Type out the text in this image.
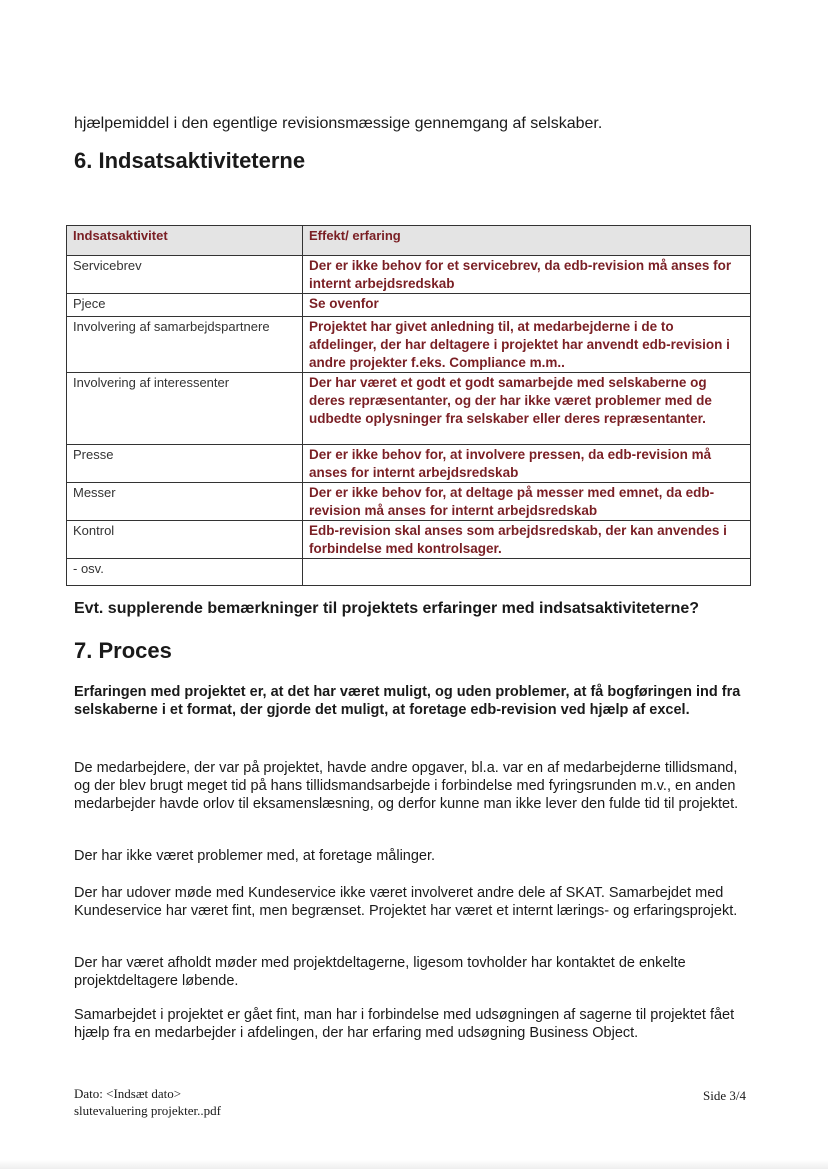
hjælpemiddel i den egentlige revisionsmæssige gennemgang af selskaber.
6. Indsatsaktiviteterne
Indsatsaktivitet	Effekt/ erfaring
Servicebrev	Der er ikke behov for et servicebrev, da edb-revision må anses for internt arbejdsredskab
Pjece	Se ovenfor
Involvering af samarbejdspartnere	Projektet har givet anledning til, at medarbejderne i de to afdelinger, der har deltagere i projektet har anvendt edb-revision i andre projekter f.eks. Compliance m.m..
Involvering af interessenter	Der har været et godt et godt samarbejde med selskaberne og deres repræsentanter, og der har ikke været problemer med de udbedte oplysninger fra selskaber eller deres repræsentanter.
Presse	Der er ikke behov for, at involvere pressen, da edb-revision må anses for internt arbejdsredskab
Messer	Der er ikke behov for, at deltage på messer med emnet, da edb-revision må anses for internt arbejdsredskab
Kontrol	Edb-revision skal anses som arbejdsredskab, der kan anvendes i forbindelse med kontrolsager.
- osv.	
Evt. supplerende bemærkninger til projektets erfaringer med indsatsaktiviteterne?
7. Proces
Erfaringen med projektet er, at det har været muligt, og uden problemer, at få bogføringen ind fra selskaberne i et format, der gjorde det muligt, at foretage edb-revision ved hjælp af excel.
De medarbejdere, der var på projektet, havde andre opgaver, bl.a. var en af medarbejderne tillidsmand, og der blev brugt meget tid på hans tillidsmandsarbejde i forbindelse med fyringsrunden m.v., en anden medarbejder havde orlov til eksamenslæsning, og derfor kunne man ikke lever den fulde tid til projektet.
Der har ikke været problemer med, at foretage målinger.
Der har udover møde med Kundeservice ikke været involveret andre dele af SKAT. Samarbejdet med Kundeservice har været fint, men begrænset. Projektet har været et internt lærings- og erfaringsprojekt.
Der har været afholdt møder med projektdeltagerne, ligesom tovholder har kontaktet de enkelte projektdeltagere løbende.
Samarbejdet i projektet er gået fint, man har i forbindelse med udsøgningen af sagerne til projektet fået hjælp fra en medarbejder i afdelingen, der har erfaring med udsøgning Business Object.
Dato: <Indsæt dato>
slutevaluering projekter..pdf
Side 3/4
